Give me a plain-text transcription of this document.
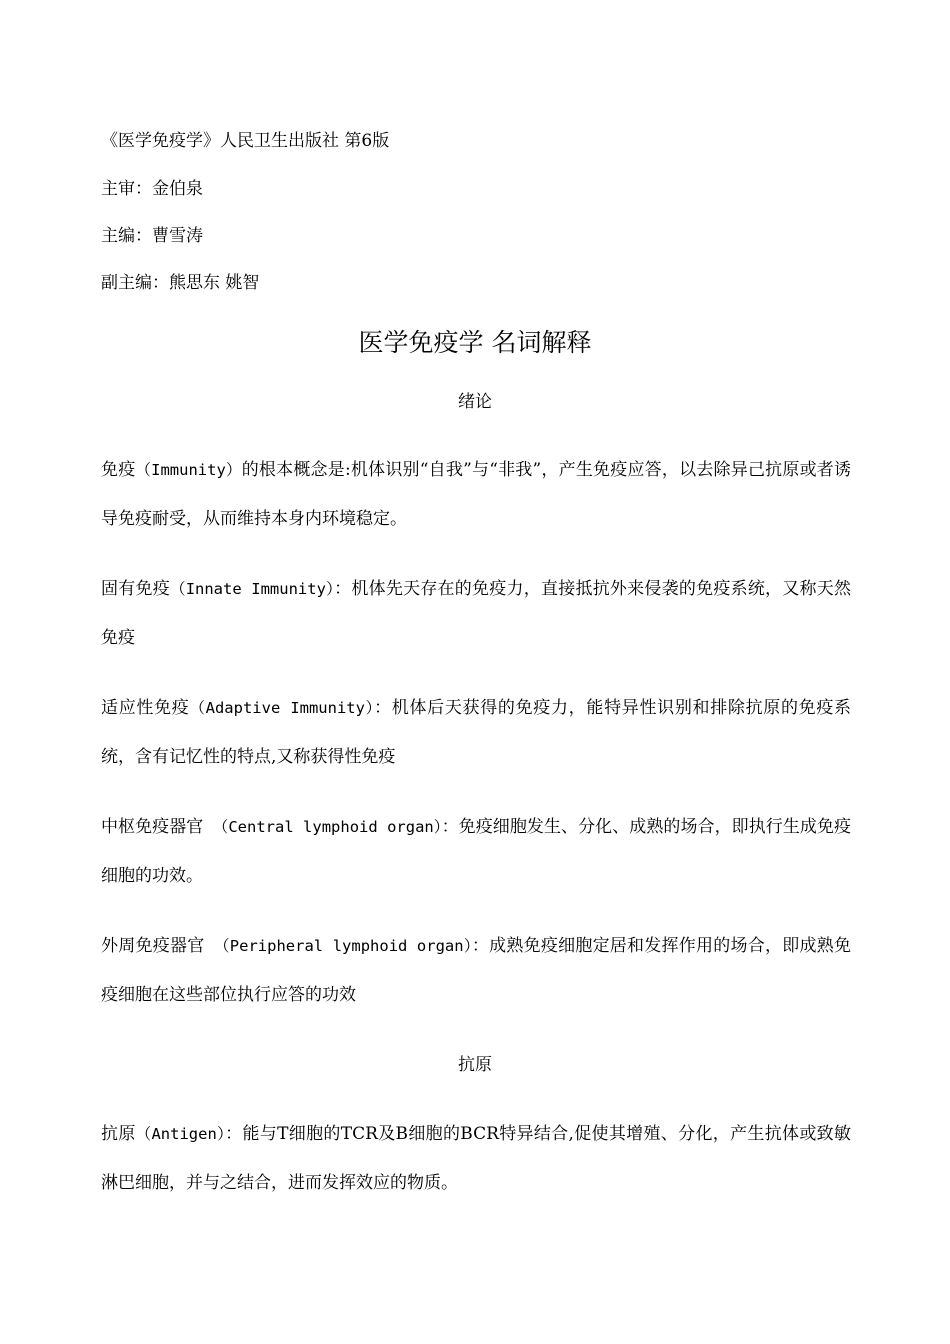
《医学免疫学》人民卫生出版社 第6版
主审：金伯泉
主编：曹雪涛
副主编：熊思东 姚智
医学免疫学 名词解释
绪论
免疫（Immunity）的根本概念是:机体识别“自我”与“非我”，产生免疫应答，以去除异己抗原或者诱导免疫耐受，从而维持本身内环境稳定。
固有免疫（Innate Immunity）：机体先天存在的免疫力，直接抵抗外来侵袭的免疫系统，又称天然免疫
适应性免疫（Adaptive Immunity）：机体后天获得的免疫力，能特异性识别和排除抗原的免疫系统，含有记忆性的特点,又称获得性免疫
中枢免疫器官 （Central lymphoid organ）：免疫细胞发生、分化、成熟的场合，即执行生成免疫细胞的功效。
外周免疫器官 （Peripheral lymphoid organ）：成熟免疫细胞定居和发挥作用的场合，即成熟免疫细胞在这些部位执行应答的功效
抗原
抗原（Antigen）：能与T细胞的TCR及B细胞的BCR特异结合,促使其增殖、分化，产生抗体或致敏淋巴细胞，并与之结合，进而发挥效应的物质。
